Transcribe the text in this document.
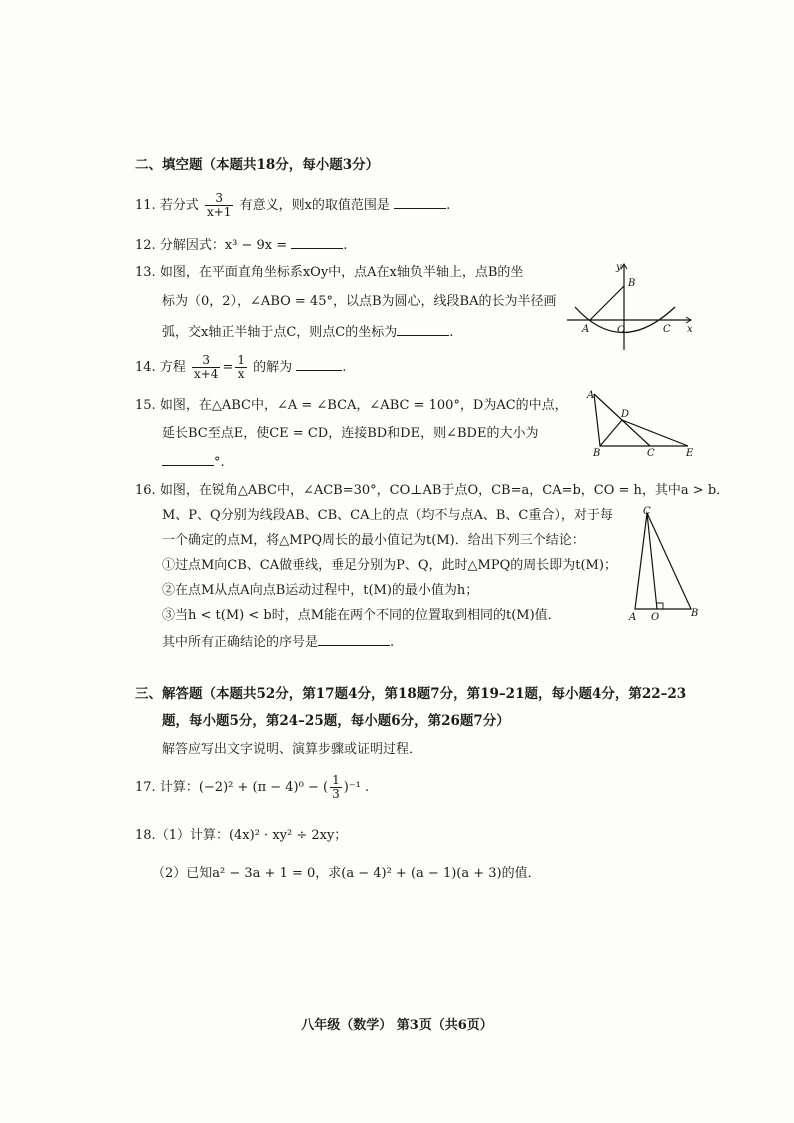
二、填空题（本题共18分，每小题3分）
11. 若分式 $\frac{3}{x+1}$ 有意义，则x的取值范围是	.
12. 分解因式：x³ − 9x =	.
13. 如图，在平面直角坐标系xOy中，点A在x轴负半轴上，点B的坐
标为（0，2），∠ABO = 45°，以点B为圆心，线段BA的长为半径画
弧，交x轴正半轴于点C，则点C的坐标为	.
y
B
A	O	C x
14. 方程 $\frac{3}{x+4} = \frac{1}{x}$ 的解为	.
15. 如图，在△ABC中，∠A = ∠BCA，∠ABC = 100°，D为AC的中点，
延长BC至点E，使CE = CD，连接BD和DE，则∠BDE的大小为
°.
A
D
B	C	E
16. 如图，在锐角△ABC中，∠ACB=30°，CO⊥AB于点O，CB=a，CA=b，CO = h，其中a > b．
M、P、Q分别为线段AB、CB、CA上的点（均不与点A、B、C重合），对于每
一个确定的点M，将△MPQ周长的最小值记为t(M)．给出下列三个结论：
①过点M向CB、CA做垂线，垂足分别为P、Q，此时△MPQ的周长即为t(M)；
②在点M从点A向点B运动过程中，t(M)的最小值为h；
③当h < t(M) < b时，点M能在两个不同的位置取到相同的t(M)值．
其中所有正确结论的序号是	.
C
A O	B
三、解答题（本题共52分，第17题4分，第18题7分，第19–21题，每小题4分，第22–23
题，每小题5分，第24–25题，每小题6分，第26题7分）
解答应写出文字说明、演算步骤或证明过程．
17. 计算：(−2)² + (π − 4)⁰ − ( $\frac{1}{3} )^{-1}$ .
18.（1）计算：(4x)² · xy² ÷ 2xy；
（2）已知a² − 3a + 1 = 0，求(a − 4)² + (a − 1)(a + 3)的值．
八年级（数学） 第3页（共6页）
